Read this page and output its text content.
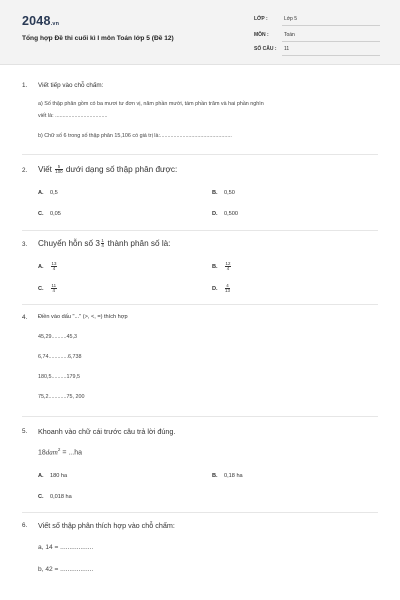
2048.vn
Tổng hợp Đề thi cuối kì I môn Toán lớp 5 (Đề 12)
LỚP :	Lớp 5
MÔN :	Toán
SỐ CÂU : 11
1. Viết tiếp vào chỗ chấm:
a) Số thập phân gồm có ba mươi tư đơn vị, năm phần mười, tám phần trăm và hai phần nghìn
viết là: ...................................
b) Chữ số 6 trong số thập phân 15,106 có giá trị là:................................................
2. Viết $\frac{5}{100}$ dưới dạng số thập phân được:
A. 0,5	B. 0,50
C. 0,05	D. 0,500
3. Chuyển hỗn số $3 \frac{1}{4}$ thành phân số là:
A. $\frac{13}{4}$	B. $\frac{12}{4}$
C. $\frac{11}{4}$	D. $\frac{4}{13}$
4. Điền vào dấu "..." (>, <, =) thích hợp
45,29..........45,3
6,74.............6,738
180,5..........179,5
75,2............75, 200
5. Khoanh vào chữ cái trước câu trả lời đúng.
18dam$^2$ = ...ha
A. 180 ha	B. 0,18 ha
C. 0,018 ha
6. Viết số thập phân thích hợp vào chỗ chấm:
a, 14 = ..................
b, 42 = ..................
